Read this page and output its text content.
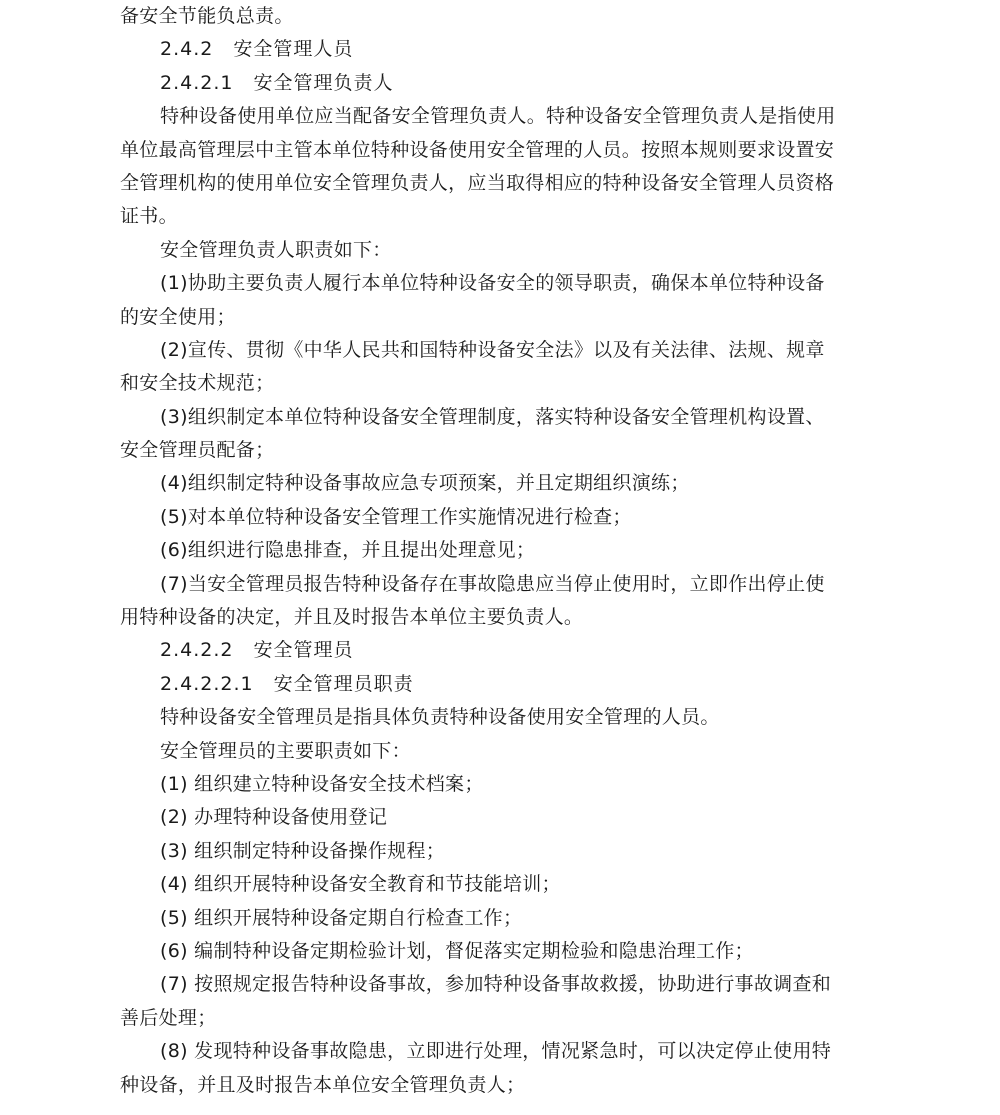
备安全节能负总责。
2.4.2　安全管理人员
2.4.2.1　安全管理负责人
特种设备使用单位应当配备安全管理负责人。特种设备安全管理负责人是指使用
单位最高管理层中主管本单位特种设备使用安全管理的人员。按照本规则要求设置安
全管理机构的使用单位安全管理负责人，应当取得相应的特种设备安全管理人员资格
证书。
安全管理负责人职责如下：
(1)协助主要负责人履行本单位特种设备安全的领导职责，确保本单位特种设备
的安全使用；
(2)宣传、贯彻《中华人民共和国特种设备安全法》以及有关法律、法规、规章
和安全技术规范；
(3)组织制定本单位特种设备安全管理制度，落实特种设备安全管理机构设置、
安全管理员配备；
(4)组织制定特种设备事故应急专项预案，并且定期组织演练；
(5)对本单位特种设备安全管理工作实施情况进行检查；
(6)组织进行隐患排查，并且提出处理意见；
(7)当安全管理员报告特种设备存在事故隐患应当停止使用时，立即作出停止使
用特种设备的决定，并且及时报告本单位主要负责人。
2.4.2.2　安全管理员
2.4.2.2.1　安全管理员职责
特种设备安全管理员是指具体负责特种设备使用安全管理的人员。
安全管理员的主要职责如下：
(1) 组织建立特种设备安全技术档案；
(2) 办理特种设备使用登记
(3) 组织制定特种设备操作规程；
(4) 组织开展特种设备安全教育和节技能培训；
(5) 组织开展特种设备定期自行检查工作；
(6) 编制特种设备定期检验计划，督促落实定期检验和隐患治理工作；
(7) 按照规定报告特种设备事故，参加特种设备事故救援，协助进行事故调查和
善后处理；
(8) 发现特种设备事故隐患，立即进行处理，情况紧急时，可以决定停止使用特
种设备，并且及时报告本单位安全管理负责人；
